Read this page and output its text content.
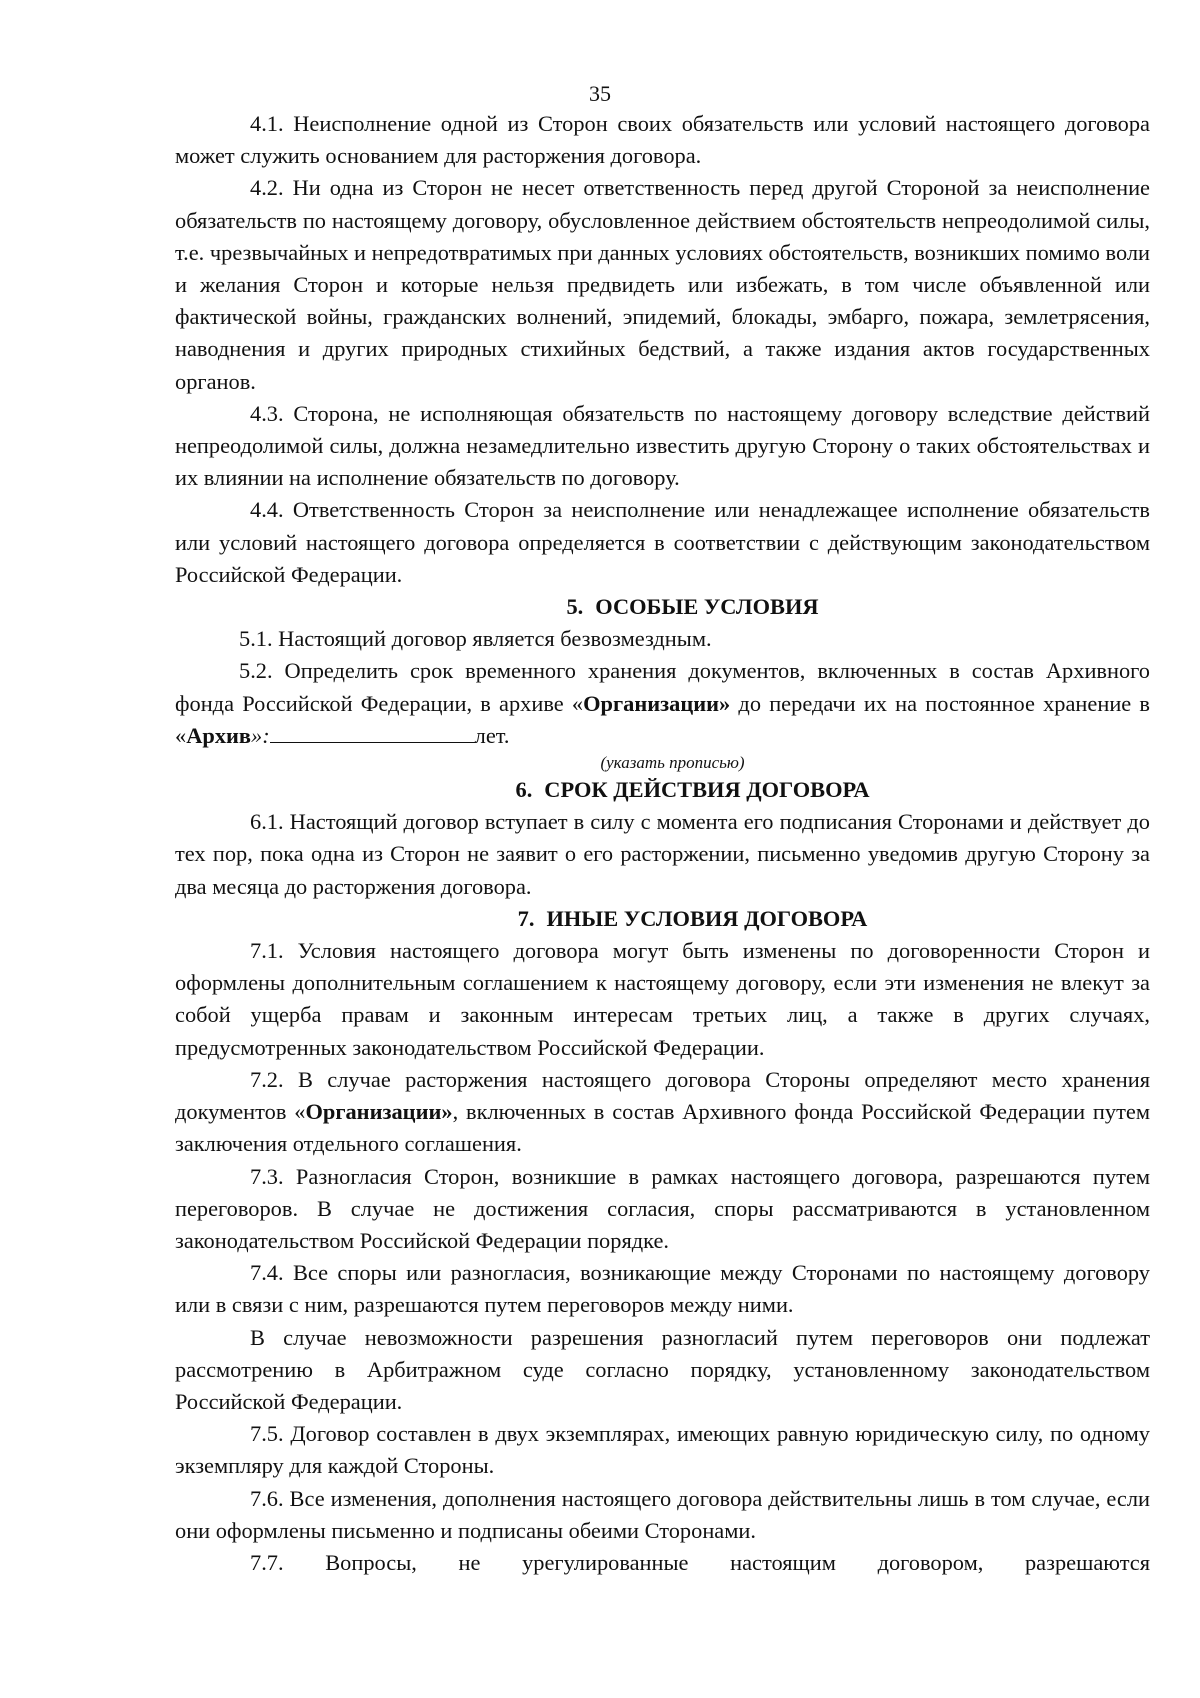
35

4.1. Неисполнение одной из Сторон своих обязательств или условий настоящего договора может служить основанием для расторжения договора.

4.2. Ни одна из Сторон не несет ответственность перед другой Стороной за неисполнение обязательств по настоящему договору, обусловленное действием обстоятельств непреодолимой силы, т.е. чрезвычайных и непредотвратимых при данных условиях обстоятельств, возникших помимо воли и желания Сторон и которые нельзя предвидеть или избежать, в том числе объявленной или фактической войны, гражданских волнений, эпидемий, блокады, эмбарго, пожара, землетрясения, наводнения и других природных стихийных бедствий, а также издания актов государственных органов.

4.3. Сторона, не исполняющая обязательств по настоящему договору вследствие действий непреодолимой силы, должна незамедлительно известить другую Сторону о таких обстоятельствах и их влиянии на исполнение обязательств по договору.

4.4. Ответственность Сторон за неисполнение или ненадлежащее исполнение обязательств или условий настоящего договора определяется в соответствии с действующим законодательством Российской Федерации.

5. ОСОБЫЕ УСЛОВИЯ

5.1. Настоящий договор является безвозмездным.

5.2. Определить срок временного хранения документов, включенных в состав Архивного фонда Российской Федерации, в архиве «Организации» до передачи их на постоянное хранение в «Архив»:	лет.

(указать прописью)

6. СРОК ДЕЙСТВИЯ ДОГОВОРА

6.1. Настоящий договор вступает в силу с момента его подписания Сторонами и действует до тех пор, пока одна из Сторон не заявит о его расторжении, письменно уведомив другую Сторону за два месяца до расторжения договора.

7. ИНЫЕ УСЛОВИЯ ДОГОВОРА

7.1. Условия настоящего договора могут быть изменены по договоренности Сторон и оформлены дополнительным соглашением к настоящему договору, если эти изменения не влекут за собой ущерба правам и законным интересам третьих лиц, а также в других случаях, предусмотренных законодательством Российской Федерации.

7.2. В случае расторжения настоящего договора Стороны определяют место хранения документов «Организации», включенных в состав Архивного фонда Российской Федерации путем заключения отдельного соглашения.

7.3. Разногласия Сторон, возникшие в рамках настоящего договора, разрешаются путем переговоров. В случае не достижения согласия, споры рассматриваются в установленном законодательством Российской Федерации порядке.

7.4. Все споры или разногласия, возникающие между Сторонами по настоящему договору или в связи с ним, разрешаются путем переговоров между ними.

В случае невозможности разрешения разногласий путем переговоров они подлежат рассмотрению в Арбитражном суде согласно порядку, установленному законодательством Российской Федерации.

7.5. Договор составлен в двух экземплярах, имеющих равную юридическую силу, по одному экземпляру для каждой Стороны.

7.6. Все изменения, дополнения настоящего договора действительны лишь в том случае, если они оформлены письменно и подписаны обеими Сторонами.

7.7. Вопросы, не урегулированные настоящим договором, разрешаются
